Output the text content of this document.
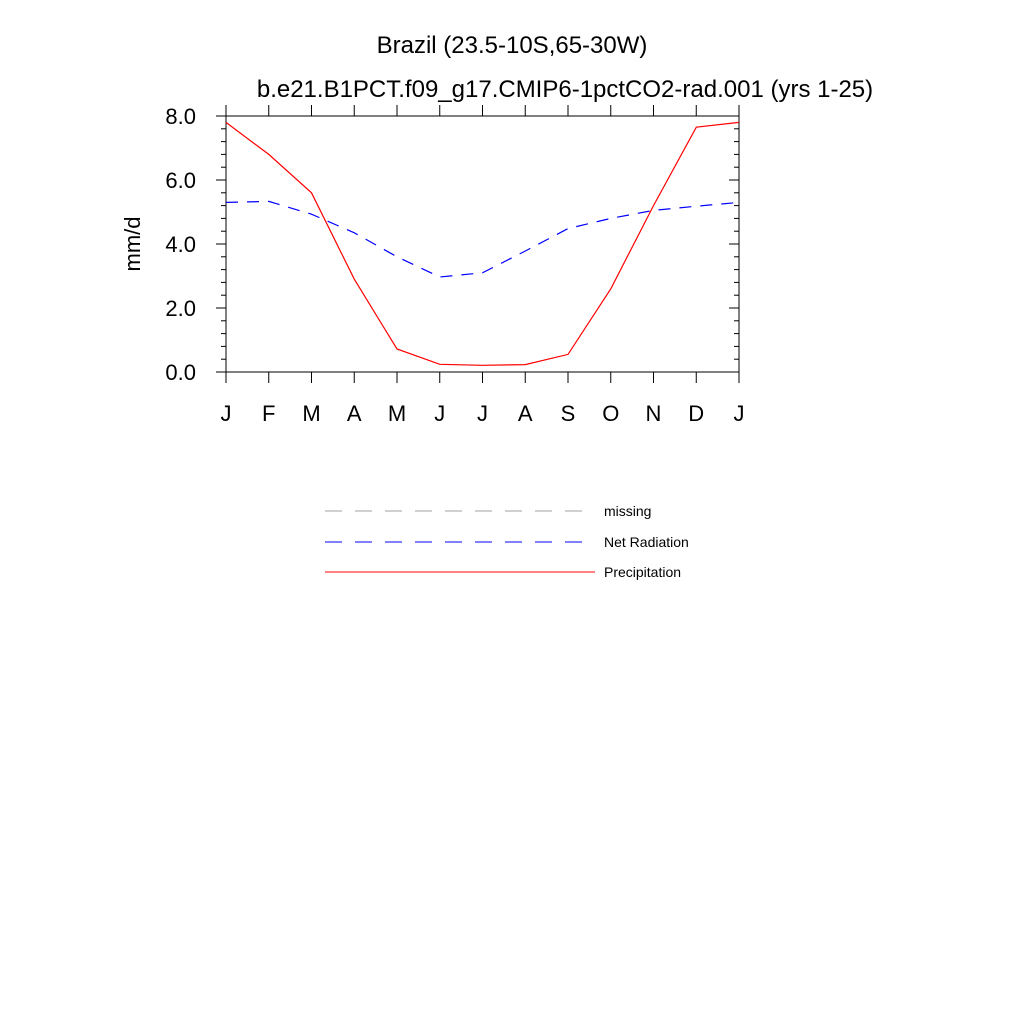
Brazil (23.5-10S,65-30W)
b.e21.B1PCT.f09_g17.CMIP6-1pctCO2-rad.001 (yrs 1-25)
mm/d
0.0
2.0
4.0
6.0
8.0
J F M A M J J A S O N D J
missing
Net Radiation
Precipitation
